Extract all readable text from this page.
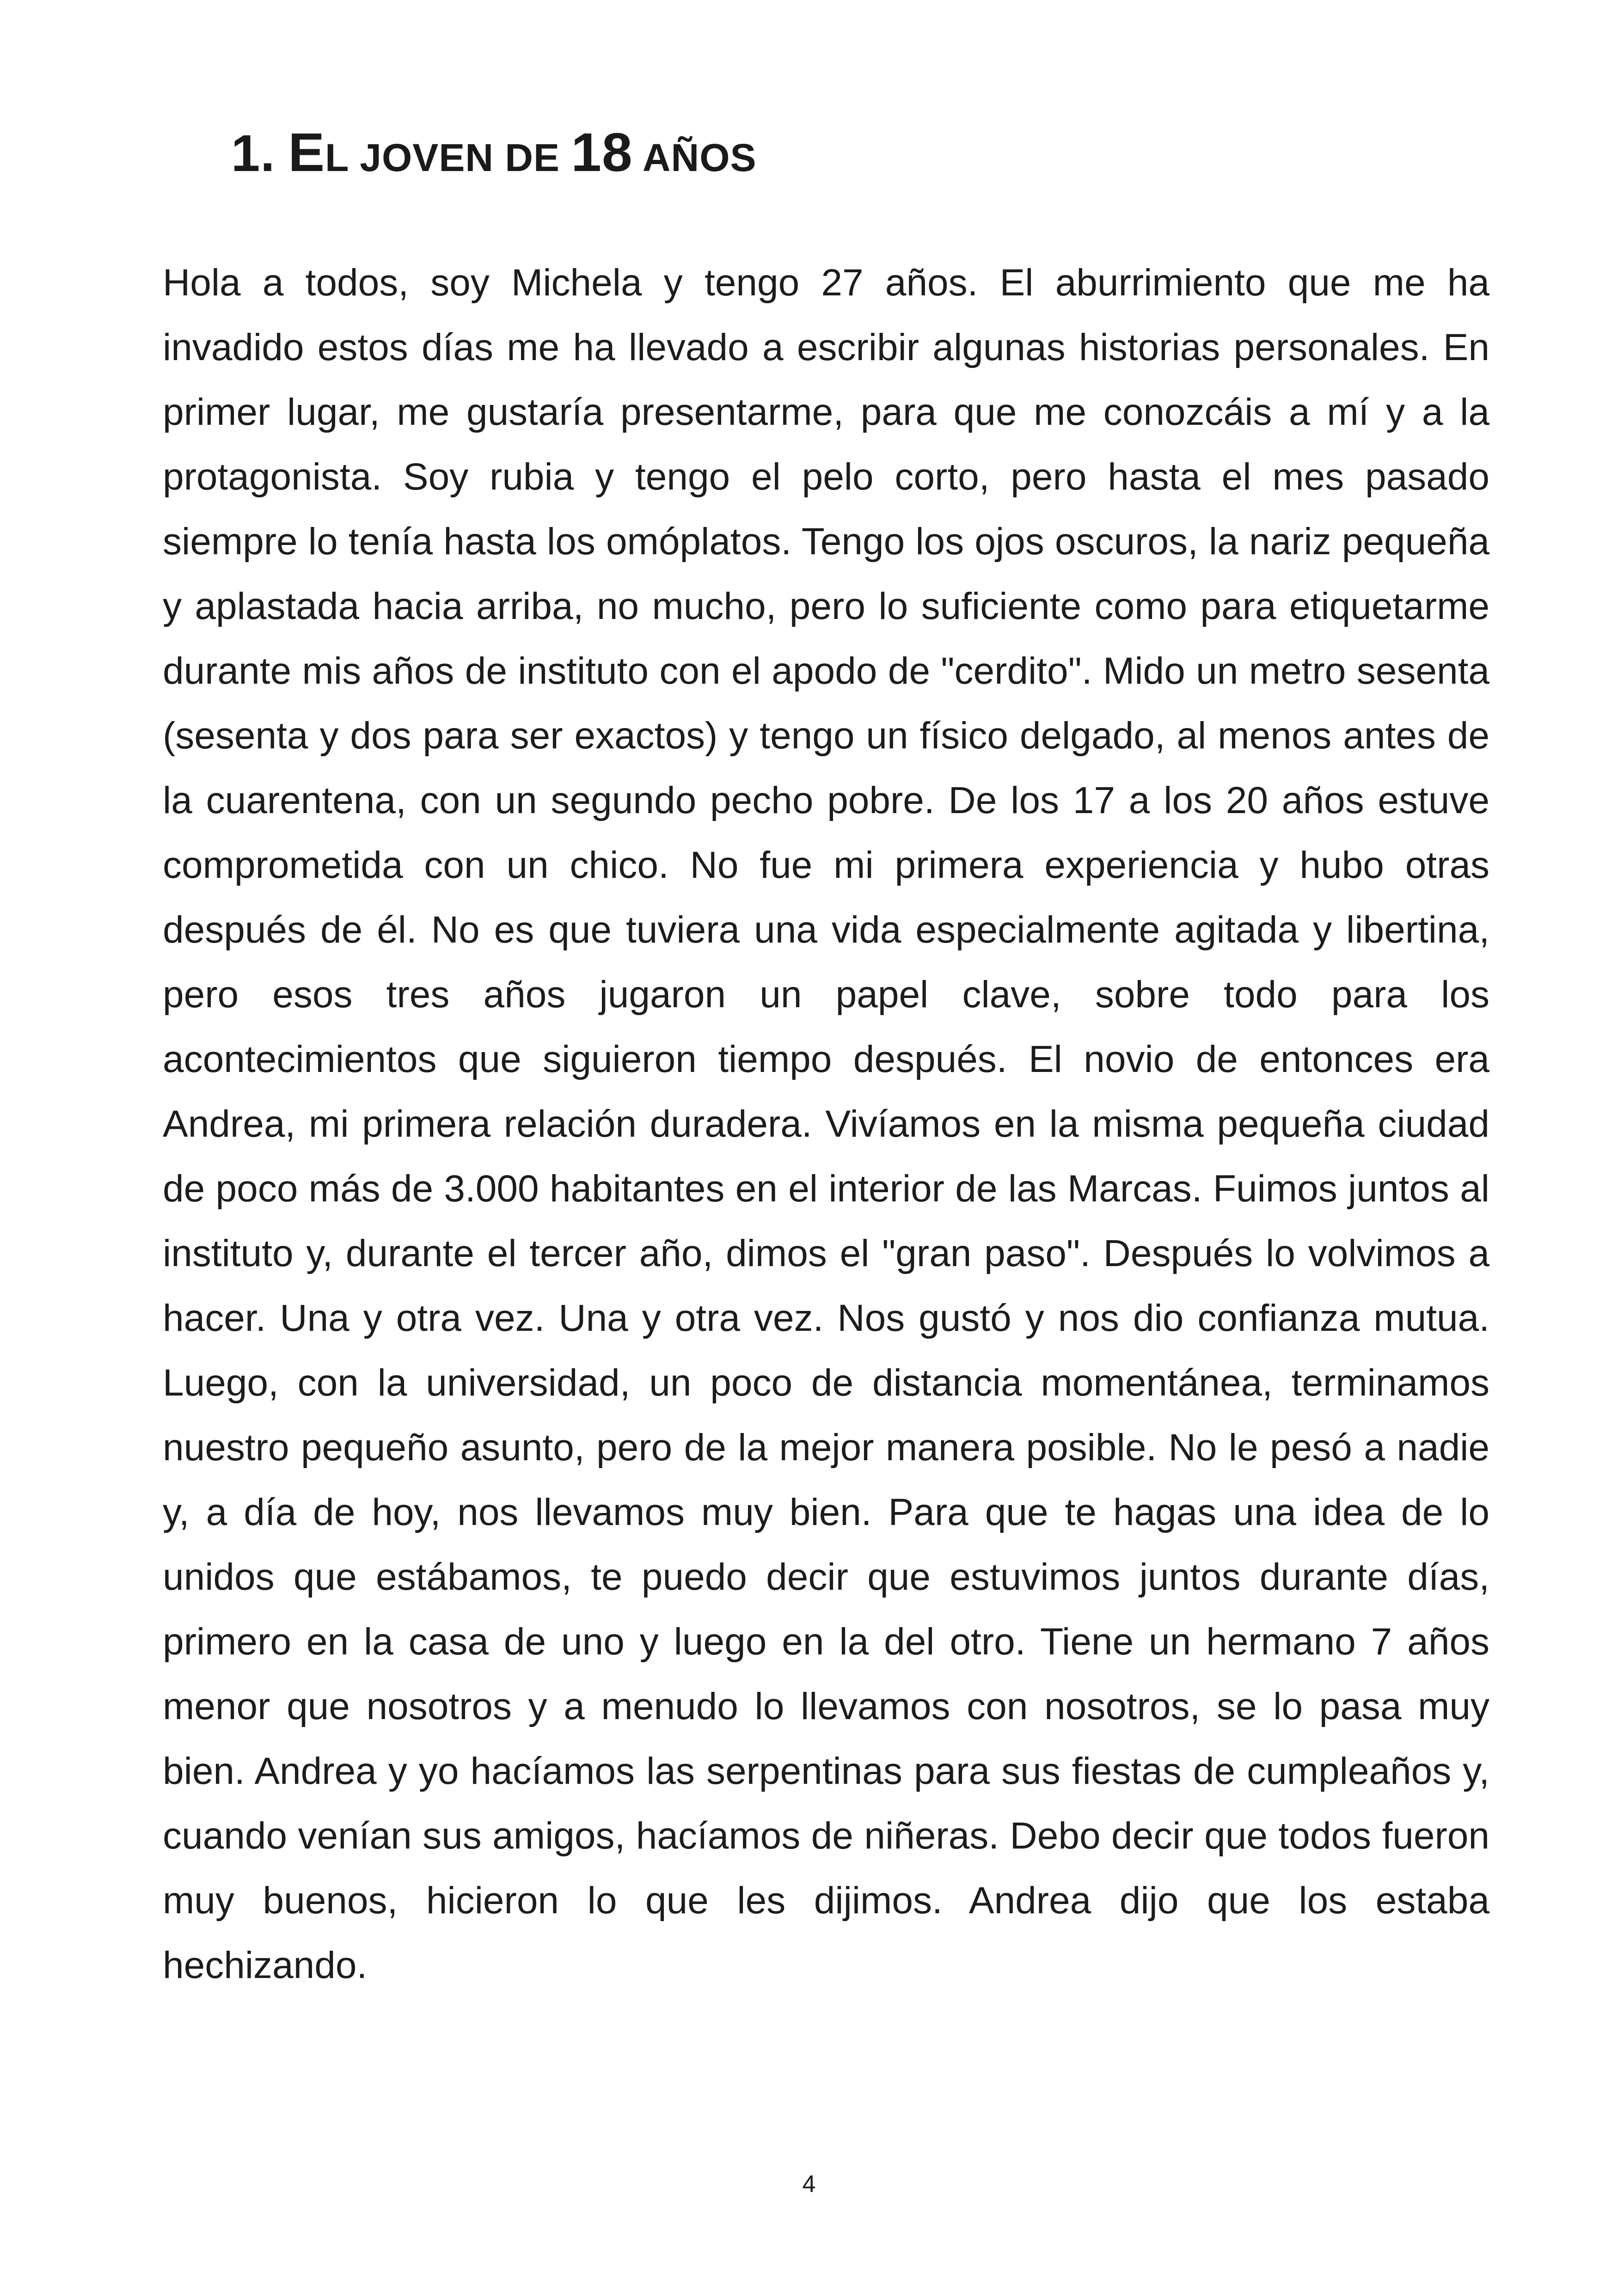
1. EL JOVEN DE 18 AÑOS

Hola a todos, soy Michela y tengo 27 años. El aburrimiento que me ha invadido estos días me ha llevado a escribir algunas historias personales. En primer lugar, me gustaría presentarme, para que me conozcáis a mí y a la protagonista. Soy rubia y tengo el pelo corto, pero hasta el mes pasado siempre lo tenía hasta los omóplatos. Tengo los ojos oscuros, la nariz pequeña y aplastada hacia arriba, no mucho, pero lo suficiente como para etiquetarme durante mis años de instituto con el apodo de "cerdito". Mido un metro sesenta (sesenta y dos para ser exactos) y tengo un físico delgado, al menos antes de la cuarentena, con un segundo pecho pobre. De los 17 a los 20 años estuve comprometida con un chico. No fue mi primera experiencia y hubo otras después de él. No es que tuviera una vida especialmente agitada y libertina, pero esos tres años jugaron un papel clave, sobre todo para los acontecimientos que siguieron tiempo después. El novio de entonces era Andrea, mi primera relación duradera. Vivíamos en la misma pequeña ciudad de poco más de 3.000 habitantes en el interior de las Marcas. Fuimos juntos al instituto y, durante el tercer año, dimos el "gran paso". Después lo volvimos a hacer. Una y otra vez. Una y otra vez. Nos gustó y nos dio confianza mutua. Luego, con la universidad, un poco de distancia momentánea, terminamos nuestro pequeño asunto, pero de la mejor manera posible. No le pesó a nadie y, a día de hoy, nos llevamos muy bien. Para que te hagas una idea de lo unidos que estábamos, te puedo decir que estuvimos juntos durante días, primero en la casa de uno y luego en la del otro. Tiene un hermano 7 años menor que nosotros y a menudo lo llevamos con nosotros, se lo pasa muy bien. Andrea y yo hacíamos las serpentinas para sus fiestas de cumpleaños y, cuando venían sus amigos, hacíamos de niñeras. Debo decir que todos fueron muy buenos, hicieron lo que les dijimos. Andrea dijo que los estaba hechizando.

4
